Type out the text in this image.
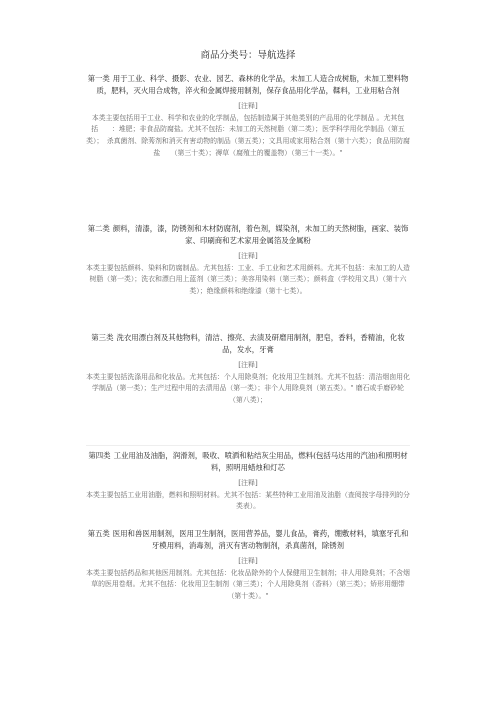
商品分类号：导航选择

第一类 用于工业、科学、摄影、农业、园艺、森林的化学品，未加工人造合成树脂，未加工塑料物质，肥料，灭火用合成物，淬火和金属焊接用制剂，保存食品用化学品，鞣料，工业用粘合剂

[注释]

本类主要包括用于工业、科学和农业的化学制品，包括制造属于其他类别的产品用的化学制品 。尤其包括　　：堆肥；非食品防腐盐。尤其不包括：未加工的天然树脂（第二类）；医学科学用化学制品（第五类）；　杀真菌剂、除莠剂和消灭有害动物的制品（第五类）；文具用或家用粘合剂（第十六类）；食品用防腐盐　　（第三十类）；褥草（腐殖土的覆盖物）（第三十一类）。"

第二类 颜料，清漆，漆，防锈剂和木材防腐剂，着色剂，媒染剂，未加工的天然树脂，画家、装饰家、印刷商和艺术家用金属箔及金属粉

[注释]

本类主要包括颜料、染料和防腐制品。尤其包括：工业、手工业和艺术用颜料。尤其不包括：未加工的人造树脂（第一类）；洗衣和漂白用上蓝剂（第三类）；美容用染料（第三类）；颜料盒（学校用文具）（第十六类）；绝缘颜料和绝缘漆（第十七类）。

第三类 洗衣用漂白剂及其他物料，清洁、擦亮、去渍及研磨用制剂，肥皂，香料，香精油，化妆品，发水，牙膏

[注释]

本类主要包括洗涤用品和化妆品。尤其包括：个人用除臭剂；化妆用卫生制剂。尤其不包括：清洁烟囱用化学制品（第一类）；生产过程中用的去渍用品（第一类）；非个人用除臭剂（第五类）。" 磨石或手磨砂轮

（第八类）；

第四类 工业用油及油脂，润滑剂，吸收、喷洒和粘结灰尘用品，燃料(包括马达用的汽油)和照明材料，照明用蜡烛和灯芯

[注释]

本类主要包括工业用油脂，燃料和照明材料。尤其不包括：某些特种工业用油及油脂（查阅按字母排列的分类表）。

第五类 医用和兽医用制剂，医用卫生制剂，医用营养品，婴儿食品，膏药，绷敷材料，填塞牙孔和牙模用料，消毒剂，消灭有害动物制剂，杀真菌剂，除锈剂

[注释]

本类主要包括药品和其他医用制剂。尤其包括：化妆品除外的个人保健用卫生制剂；非人用除臭剂；不含烟草的医用卷烟。尤其不包括：化妆用卫生制剂（第三类）；个人用除臭剂（香料）（第三类）；矫形用绷带（第十类）。"
